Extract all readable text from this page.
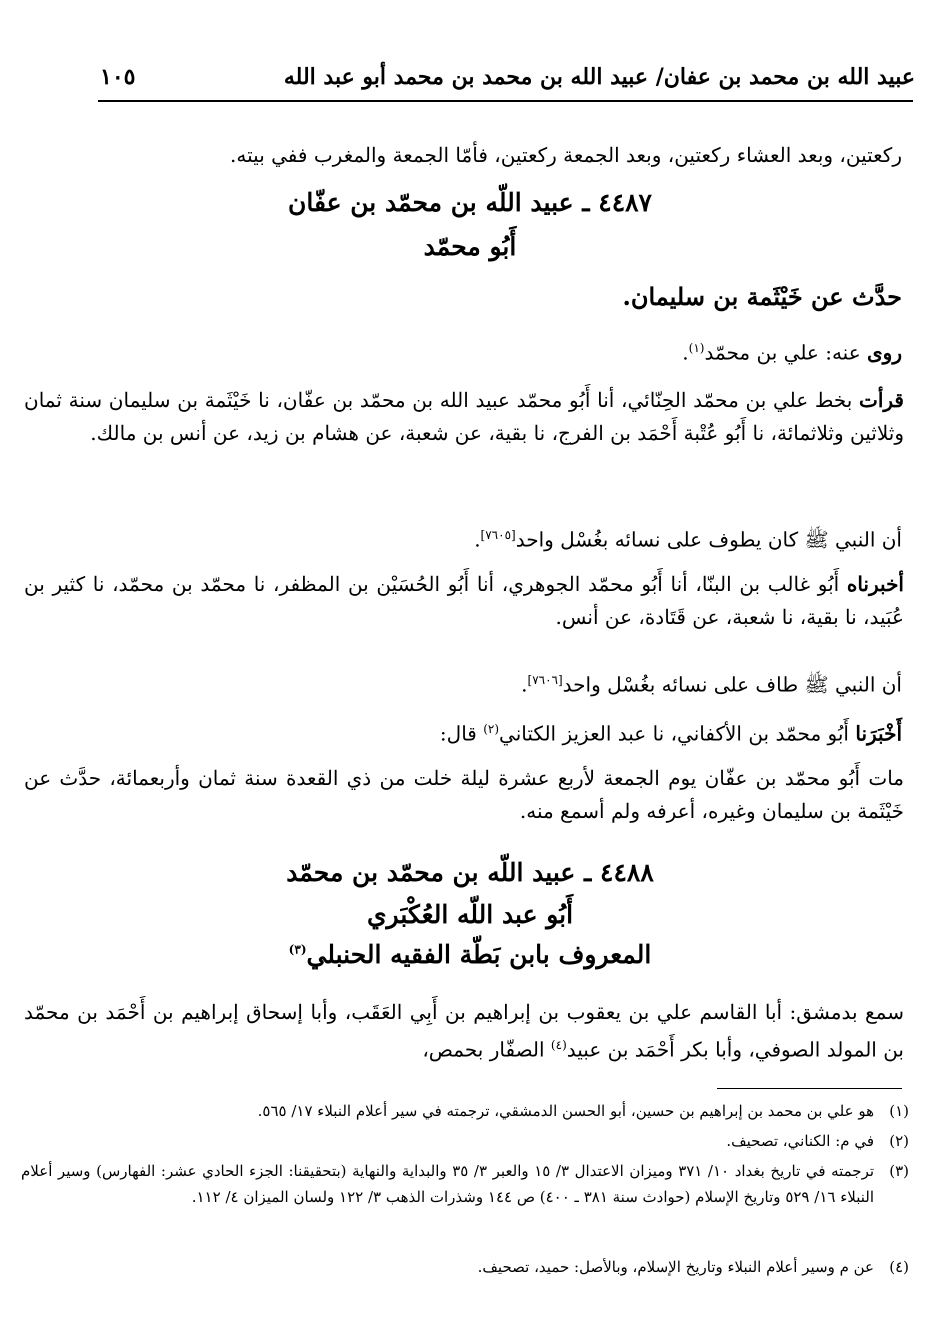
عبيد الله بن محمد بن عفان/ عبيد الله بن محمد بن محمد أبو عبد الله
١٠٥
ركعتين، وبعد العشاء ركعتين، وبعد الجمعة ركعتين، فأمّا الجمعة والمغرب ففي بيته.
٤٤٨٧ ـ عبيد اللّه بن محمّد بن عفّان
أَبُو محمّد
حدَّث عن خَيْثَمة بن سليمان.
روى عنه: علي بن محمّد$^{(١)}$.
قرأت بخط علي بن محمّد الحِنّائي، أنا أَبُو محمّد عبيد الله بن محمّد بن عفّان، نا خَيْثَمة بن سليمان سنة ثمان وثلاثين وثلاثمائة، نا أَبُو عُتْبة أَحْمَد بن الفرج، نا بقية، عن شعبة، عن هشام بن زيد، عن أنس بن مالك.
أن النبي ﷺ كان يطوف على نسائه بغُسْل واحد[٧٦٠٥].
أخبرناه أَبُو غالب بن البنّا، أنا أَبُو محمّد الجوهري، أنا أَبُو الحُسَيْن بن المظفر، نا محمّد بن محمّد، نا كثير بن عُبَيد، نا بقية، نا شعبة، عن قَتَادة، عن أنس.
أن النبي ﷺ طاف على نسائه بغُسْل واحد[٧٦٠٦].
أَخْبَرَنا أَبُو محمّد بن الأكفاني، نا عبد العزيز الكتاني$^{(٢)}$ قال:
مات أَبُو محمّد بن عفّان يوم الجمعة لأربع عشرة ليلة خلت من ذي القعدة سنة ثمان وأربعمائة، حدَّث عن خَيْثَمة بن سليمان وغيره، أعرفه ولم أسمع منه.
٤٤٨٨ ـ عبيد اللّه بن محمّد بن محمّد
أَبُو عبد اللّه العُكْبَري
المعروف بابن بَطّة الفقيه الحنبلي$^{(٣)}$
سمع بدمشق: أبا القاسم علي بن يعقوب بن إبراهيم بن أَبِي العَقَب، وأبا إسحاق إبراهيم بن أَحْمَد بن محمّد بن المولد الصوفي، وأبا بكر أَحْمَد بن عبيد$^{(٤)}$ الصفّار بحمص،
(١)
هو علي بن محمد بن إبراهيم بن حسين، أبو الحسن الدمشقي، ترجمته في سير أعلام النبلاء ١٧/ ٥٦٥.
(٢)
في م: الكناني، تصحيف.
(٣)
ترجمته في تاريخ بغداد ١٠/ ٣٧١ وميزان الاعتدال ٣/ ١٥ والعبر ٣/ ٣٥ والبداية والنهاية (بتحقيقنا: الجزء الحادي عشر: الفهارس) وسير أعلام النبلاء ١٦/ ٥٢٩ وتاريخ الإسلام (حوادث سنة ٣٨١ ـ ٤٠٠) ص ١٤٤ وشذرات الذهب ٣/ ١٢٢ ولسان الميزان ٤/ ١١٢.
(٤)
عن م وسير أعلام النبلاء وتاريخ الإسلام، وبالأصل: حميد، تصحيف.
